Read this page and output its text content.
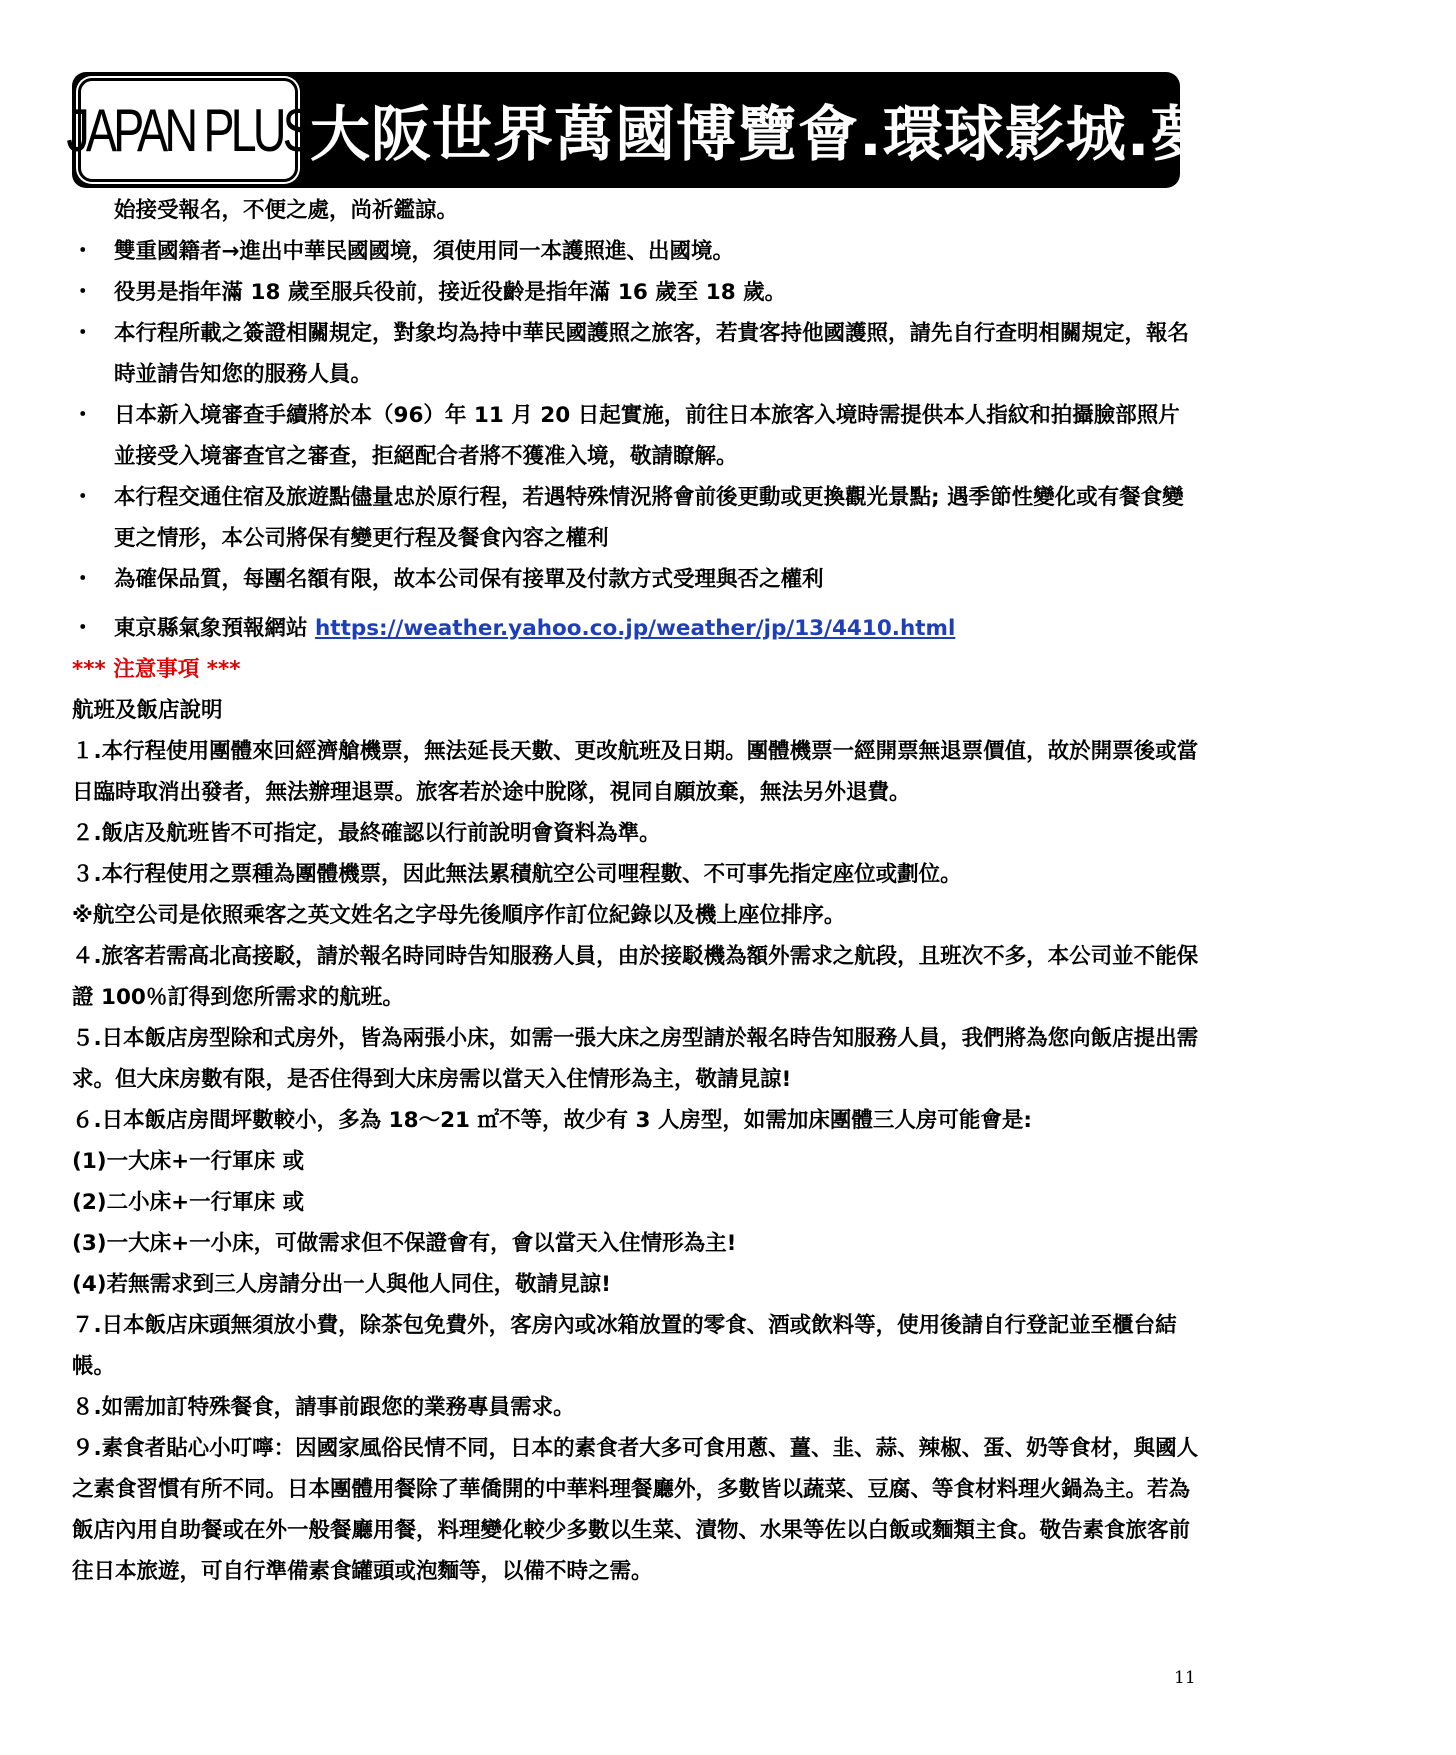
JAPAN PLUS 大阪世界萬國博覽會.環球影城.夢洲島五日

始接受報名，不便之處，尚祈鑑諒。

・ 雙重國籍者→進出中華民國國境，須使用同一本護照進、出國境。
・ 役男是指年滿 18 歲至服兵役前，接近役齡是指年滿 16 歲至 18 歲。
・ 本行程所載之簽證相關規定，對象均為持中華民國護照之旅客，若貴客持他國護照，請先自行查明相關規定，報名時並請告知您的服務人員。
・ 日本新入境審查手續將於本（96）年 11 月 20 日起實施，前往日本旅客入境時需提供本人指紋和拍攝臉部照片並接受入境審查官之審查，拒絕配合者將不獲准入境，敬請瞭解。
・ 本行程交通住宿及旅遊點儘量忠於原行程，若遇特殊情況將會前後更動或更換觀光景點; 遇季節性變化或有餐食變更之情形，本公司將保有變更行程及餐食內容之權利
・ 為確保品質，每團名額有限，故本公司保有接單及付款方式受理與否之權利
・ 東京縣氣象預報網站 https://weather.yahoo.co.jp/weather/jp/13/4410.html

*** 注意事項 ***

航班及飯店說明

１.本行程使用團體來回經濟艙機票，無法延長天數、更改航班及日期。團體機票一經開票無退票價值，故於開票後或當日臨時取消出發者，無法辦理退票。旅客若於途中脫隊，視同自願放棄，無法另外退費。

２.飯店及航班皆不可指定，最終確認以行前說明會資料為準。

３.本行程使用之票種為團體機票，因此無法累積航空公司哩程數、不可事先指定座位或劃位。

※航空公司是依照乘客之英文姓名之字母先後順序作訂位紀錄以及機上座位排序。

４.旅客若需高北高接駁，請於報名時同時告知服務人員，由於接駁機為額外需求之航段，且班次不多，本公司並不能保證 100％訂得到您所需求的航班。

５.日本飯店房型除和式房外，皆為兩張小床，如需一張大床之房型請於報名時告知服務人員，我們將為您向飯店提出需求。但大床房數有限，是否住得到大床房需以當天入住情形為主，敬請見諒!

６.日本飯店房間坪數較小，多為 18～21 ㎡不等，故少有 3 人房型，如需加床團體三人房可能會是:

(1)一大床+一行軍床 或

(2)二小床+一行軍床 或

(3)一大床+一小床，可做需求但不保證會有，會以當天入住情形為主!

(4)若無需求到三人房請分出一人與他人同住，敬請見諒!

７.日本飯店床頭無須放小費，除茶包免費外，客房內或冰箱放置的零食、酒或飲料等，使用後請自行登記並至櫃台結帳。

８.如需加訂特殊餐食，請事前跟您的業務專員需求。

９.素食者貼心小叮嚀：因國家風俗民情不同，日本的素食者大多可食用蔥、薑、韭、蒜、辣椒、蛋、奶等食材，與國人之素食習慣有所不同。日本團體用餐除了華僑開的中華料理餐廳外，多數皆以蔬菜、豆腐、等食材料理火鍋為主。若為飯店內用自助餐或在外一般餐廳用餐，料理變化較少多數以生菜、漬物、水果等佐以白飯或麵類主食。敬告素食旅客前往日本旅遊，可自行準備素食罐頭或泡麵等，以備不時之需。

11
